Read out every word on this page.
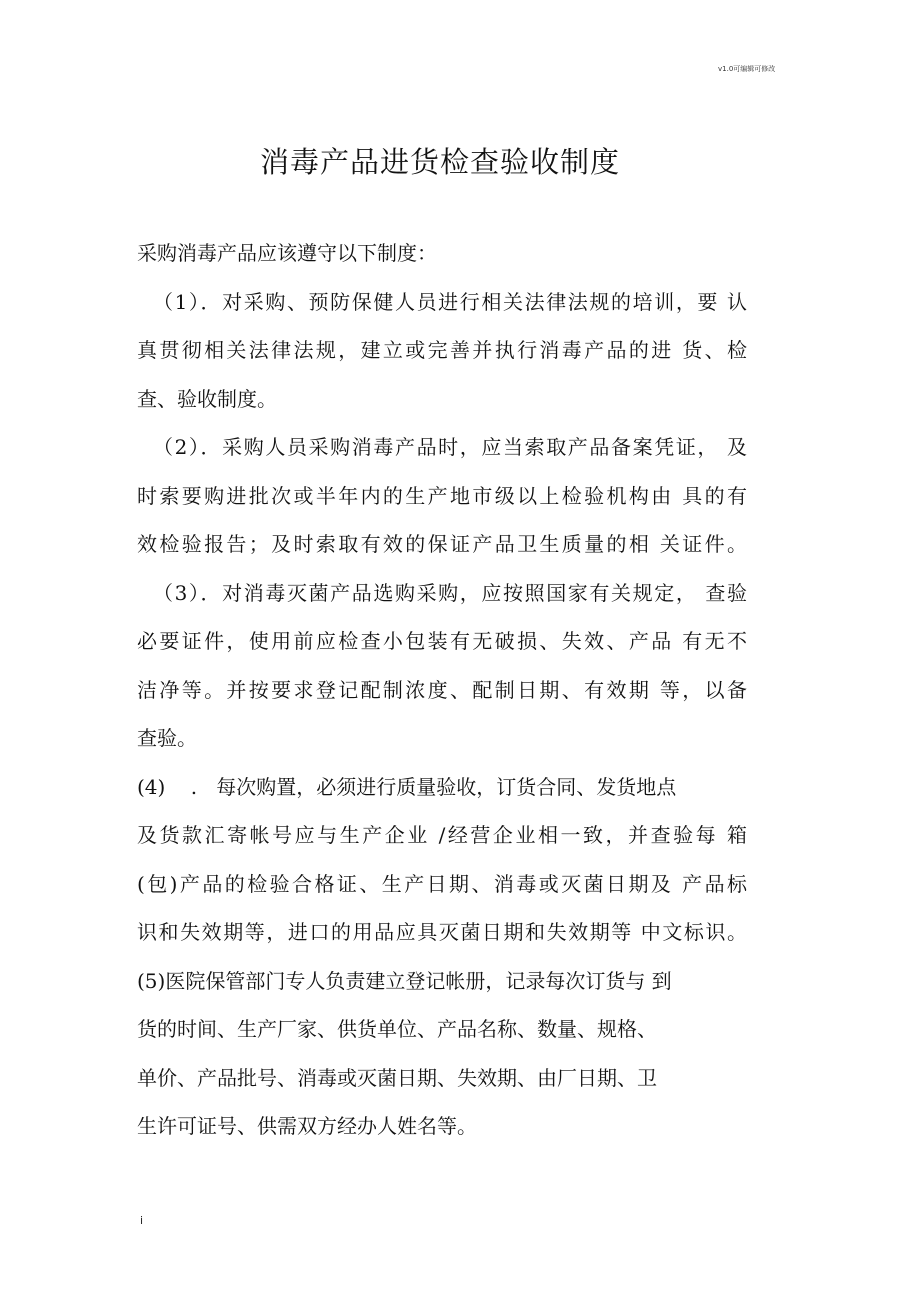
v1.0可编辑可修改
消毒产品进货检查验收制度
采购消毒产品应该遵守以下制度：
（1）．对采购、预防保健人员进行相关法律法规的培训，要 认
真贯彻相关法律法规，建立或完善并执行消毒产品的进 货、检
查、验收制度。
（2）．采购人员采购消毒产品时，应当索取产品备案凭证， 及
时索要购进批次或半年内的生产地市级以上检验机构由 具的有
效检验报告；及时索取有效的保证产品卫生质量的相 关证件。
（3）．对消毒灭菌产品选购采购，应按照国家有关规定， 查验
必要证件，使用前应检查小包装有无破损、失效、产品 有无不
洁净等。并按要求登记配制浓度、配制日期、有效期 等，以备
查验。
(4)    .   每次购置，必须进行质量验收，订货合同、发货地点
及货款汇寄帐号应与生产企业 /经营企业相一致，并查验每 箱
(包)产品的检验合格证、生产日期、消毒或灭菌日期及 产品标
识和失效期等，进口的用品应具灭菌日期和失效期等 中文标识。
(5)医院保管部门专人负责建立登记帐册，记录每次订货与 到
货的时间、生产厂家、供货单位、产品名称、数量、规格、
单价、产品批号、消毒或灭菌日期、失效期、由厂日期、卫
生许可证号、供需双方经办人姓名等。
i
